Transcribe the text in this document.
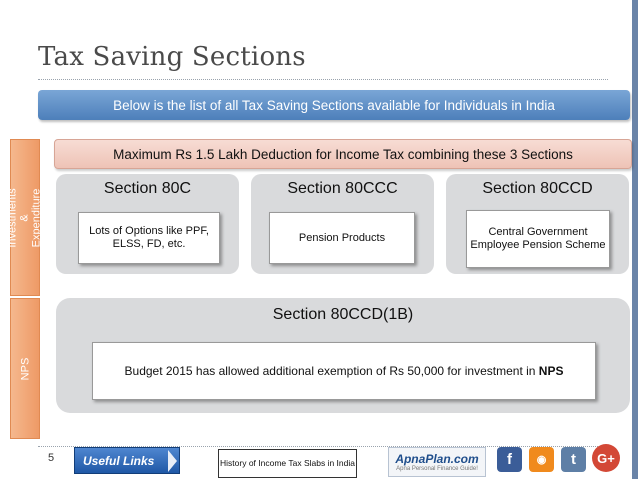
Tax Saving Sections
Below is the list of all Tax Saving Sections available for Individuals in India
Investments & Expenditure
NPS
Maximum Rs 1.5 Lakh Deduction for Income Tax combining these 3 Sections
Section 80C
Lots of Options like PPF, ELSS, FD, etc.
Section 80CCC
Pension Products
Section 80CCD
Central Government Employee Pension Scheme
Section 80CCD(1B)
Budget 2015 has allowed additional exemption of Rs 50,000 for investment in NPS
5 Useful Links	History of Income Tax Slabs in India	ApnaPlan.com
Apna Personal Finance Guide!
f	◉	t	G+
